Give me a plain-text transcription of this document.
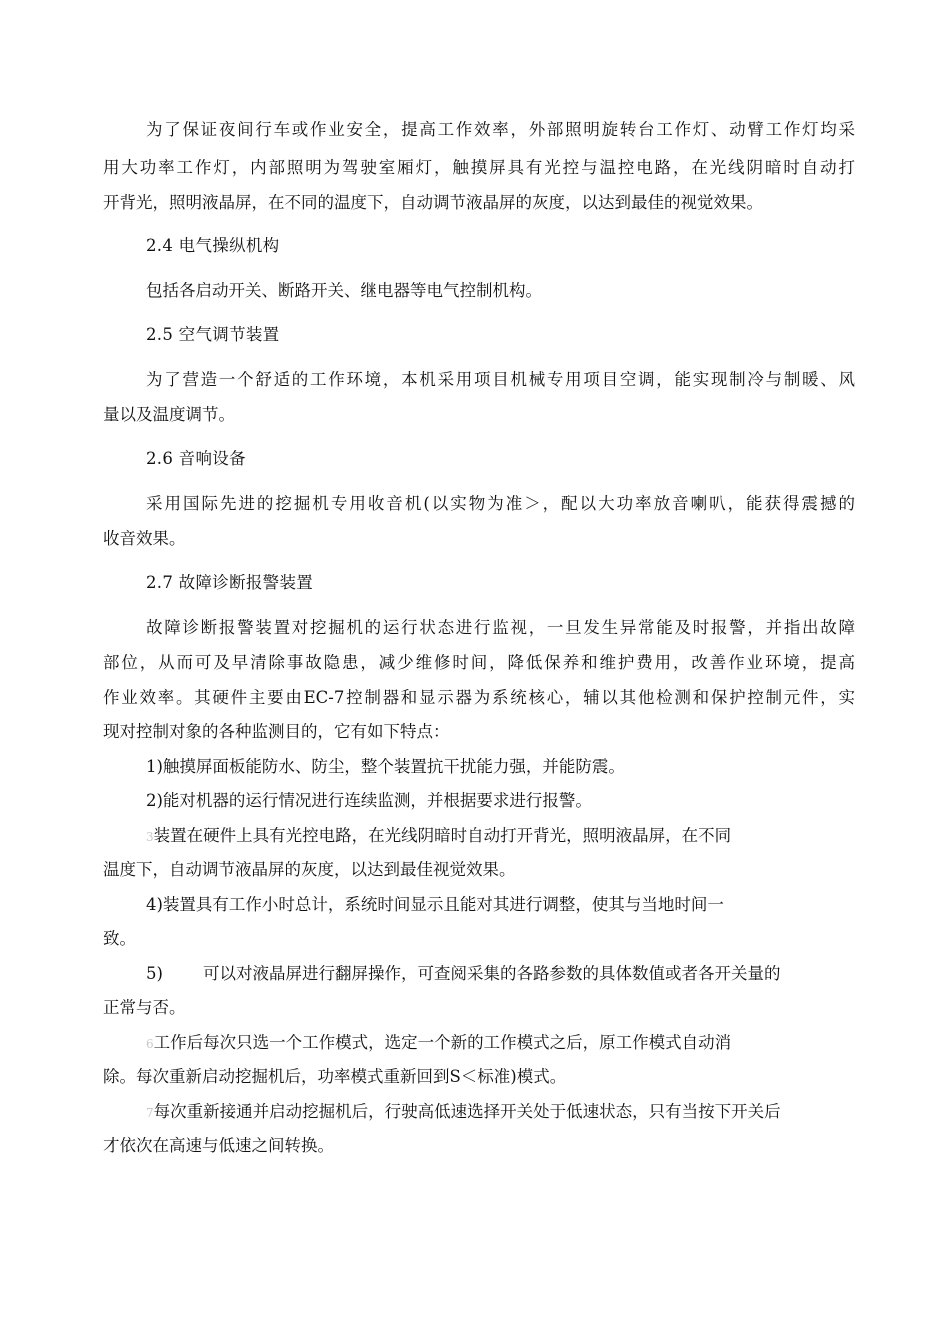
为了保证夜间行车或作业安全，提高工作效率，外部照明旋转台工作灯、动臂工作灯均采
用大功率工作灯，内部照明为驾驶室厢灯，触摸屏具有光控与温控电路，在光线阴暗时自动打
开背光，照明液晶屏，在不同的温度下，自动调节液晶屏的灰度，以达到最佳的视觉效果。
2.4 电气操纵机构
包括各启动开关、断路开关、继电器等电气控制机构。
2.5 空气调节装置
为了营造一个舒适的工作环境，本机采用项目机械专用项目空调，能实现制冷与制暖、风
量以及温度调节。
2.6 音响设备
采用国际先进的挖掘机专用收音机(以实物为准＞，配以大功率放音喇叭，能获得震撼的
收音效果。
2.7 故障诊断报警装置
故障诊断报警装置对挖掘机的运行状态进行监视，一旦发生异常能及时报警，并指出故障
部位，从而可及早清除事故隐患，减少维修时间，降低保养和维护费用，改善作业环境，提高
作业效率。其硬件主要由EC-7控制器和显示器为系统核心，辅以其他检测和保护控制元件，实
现对控制对象的各种监测目的，它有如下特点：
1)触摸屏面板能防水、防尘，整个装置抗干扰能力强，并能防震。
2)能对机器的运行情况进行连续监测，并根据要求进行报警。
3装置在硬件上具有光控电路，在光线阴暗时自动打开背光，照明液晶屏，在不同
温度下，自动调节液晶屏的灰度，以达到最佳视觉效果。
4)装置具有工作小时总计，系统时间显示且能对其进行调整，使其与当地时间一
致。
5) 可以对液晶屏进行翻屏操作，可查阅采集的各路参数的具体数值或者各开关量的
正常与否。
6工作后每次只选一个工作模式，选定一个新的工作模式之后，原工作模式自动消
除。每次重新启动挖掘机后，功率模式重新回到S＜标准)模式。
7每次重新接通并启动挖掘机后，行驶高低速选择开关处于低速状态，只有当按下开关后
才依次在高速与低速之间转换。
